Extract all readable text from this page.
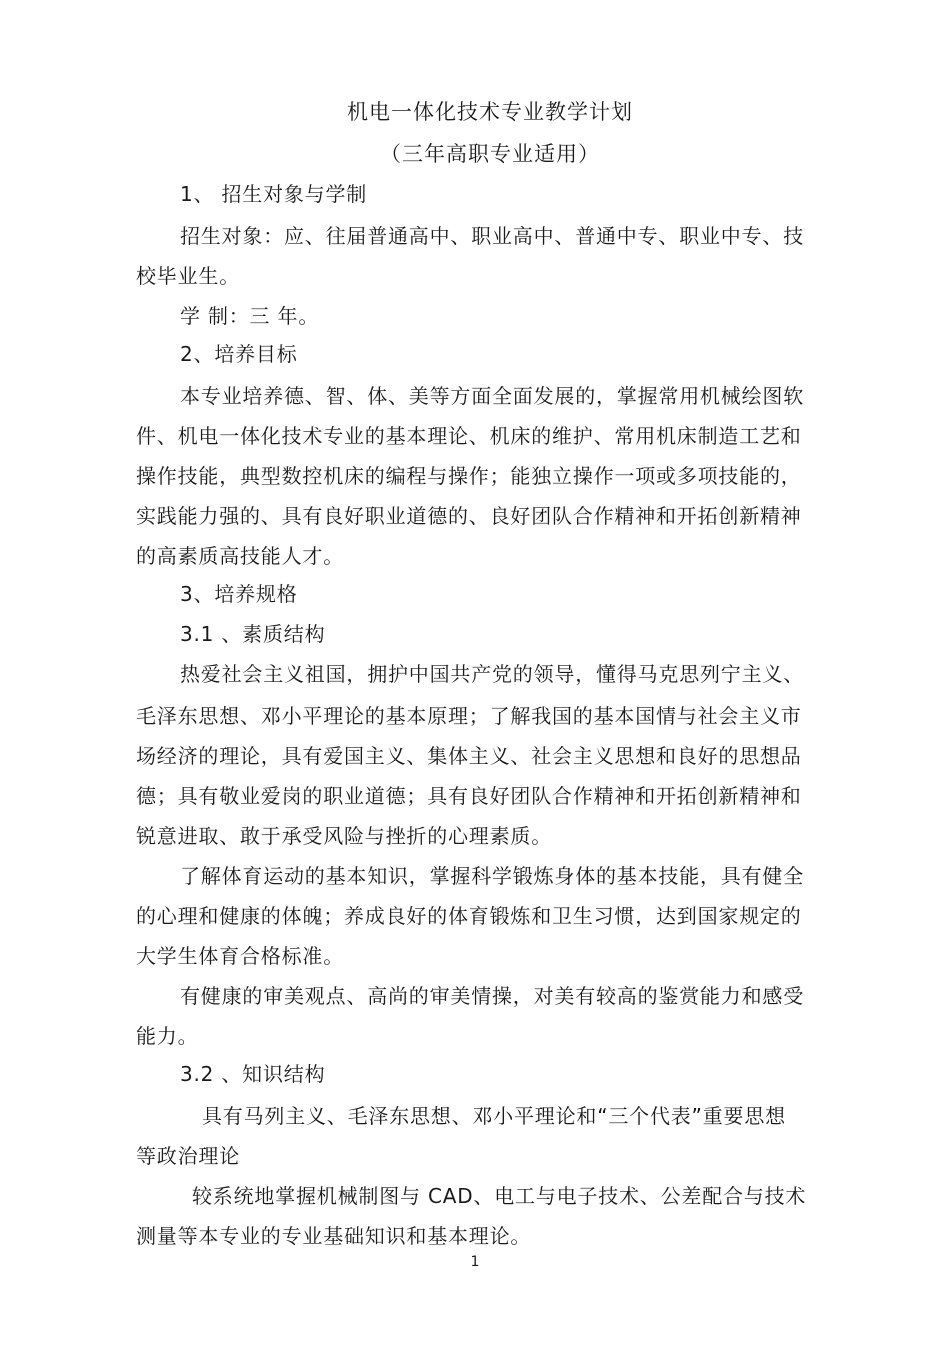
机电一体化技术专业教学计划
（三年高职专业适用）
1、 招生对象与学制
招生对象：应、往届普通高中、职业高中、普通中专、职业中专、技
校毕业生。
学 制：三 年。
2、培养目标
本专业培养德、智、体、美等方面全面发展的，掌握常用机械绘图软
件、机电一体化技术专业的基本理论、机床的维护、常用机床制造工艺和
操作技能，典型数控机床的编程与操作；能独立操作一项或多项技能的，
实践能力强的、具有良好职业道德的、良好团队合作精神和开拓创新精神
的高素质高技能人才。
3、培养规格
3.1 、素质结构
热爱社会主义祖国，拥护中国共产党的领导，懂得马克思列宁主义、
毛泽东思想、邓小平理论的基本原理；了解我国的基本国情与社会主义市
场经济的理论，具有爱国主义、集体主义、社会主义思想和良好的思想品
德；具有敬业爱岗的职业道德；具有良好团队合作精神和开拓创新精神和
锐意进取、敢于承受风险与挫折的心理素质。
了解体育运动的基本知识，掌握科学锻炼身体的基本技能，具有健全
的心理和健康的体魄；养成良好的体育锻炼和卫生习惯，达到国家规定的
大学生体育合格标准。
有健康的审美观点、高尚的审美情操，对美有较高的鉴赏能力和感受
能力。
3.2 、知识结构
具有马列主义、毛泽东思想、邓小平理论和“三个代表”重要思想
等政治理论
较系统地掌握机械制图与 CAD、电工与电子技术、公差配合与技术
测量等本专业的专业基础知识和基本理论。
1
